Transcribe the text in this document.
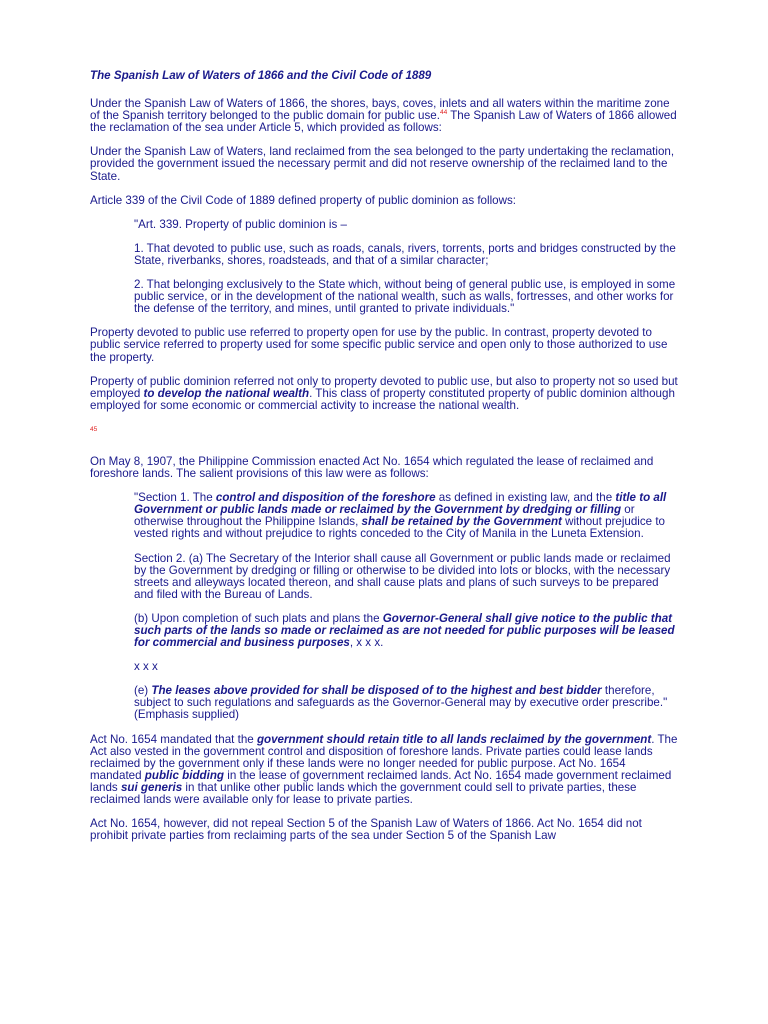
The Spanish Law of Waters of 1866 and the Civil Code of 1889

Under the Spanish Law of Waters of 1866, the shores, bays, coves, inlets and all waters within the maritime zone of the Spanish territory belonged to the public domain for public use.$^{44}$ The Spanish Law of Waters of 1866 allowed the reclamation of the sea under Article 5, which provided as follows:

Under the Spanish Law of Waters, land reclaimed from the sea belonged to the party undertaking the reclamation, provided the government issued the necessary permit and did not reserve ownership of the reclaimed land to the State.

Article 339 of the Civil Code of 1889 defined property of public dominion as follows:

"Art. 339. Property of public dominion is –

1. That devoted to public use, such as roads, canals, rivers, torrents, ports and bridges constructed by the State, riverbanks, shores, roadsteads, and that of a similar character;

2. That belonging exclusively to the State which, without being of general public use, is employed in some public service, or in the development of the national wealth, such as walls, fortresses, and other works for the defense of the territory, and mines, until granted to private individuals."

Property devoted to public use referred to property open for use by the public. In contrast, property devoted to public service referred to property used for some specific public service and open only to those authorized to use the property.

Property of public dominion referred not only to property devoted to public use, but also to property not so used but employed to develop the national wealth. This class of property constituted property of public dominion although employed for some economic or commercial activity to increase the national wealth.

45

On May 8, 1907, the Philippine Commission enacted Act No. 1654 which regulated the lease of reclaimed and foreshore lands. The salient provisions of this law were as follows:

"Section 1. The control and disposition of the foreshore as defined in existing law, and the title to all Government or public lands made or reclaimed by the Government by dredging or filling or otherwise throughout the Philippine Islands, shall be retained by the Government without prejudice to vested rights and without prejudice to rights conceded to the City of Manila in the Luneta Extension.

Section 2. (a) The Secretary of the Interior shall cause all Government or public lands made or reclaimed by the Government by dredging or filling or otherwise to be divided into lots or blocks, with the necessary streets and alleyways located thereon, and shall cause plats and plans of such surveys to be prepared and filed with the Bureau of Lands.

(b) Upon completion of such plats and plans the Governor-General shall give notice to the public that such parts of the lands so made or reclaimed as are not needed for public purposes will be leased for commercial and business purposes, x x x.

x x x

(e) The leases above provided for shall be disposed of to the highest and best bidder therefore, subject to such regulations and safeguards as the Governor-General may by executive order prescribe." (Emphasis supplied)

Act No. 1654 mandated that the government should retain title to all lands reclaimed by the government. The Act also vested in the government control and disposition of foreshore lands. Private parties could lease lands reclaimed by the government only if these lands were no longer needed for public purpose. Act No. 1654 mandated public bidding in the lease of government reclaimed lands. Act No. 1654 made government reclaimed lands sui generis in that unlike other public lands which the government could sell to private parties, these reclaimed lands were available only for lease to private parties.

Act No. 1654, however, did not repeal Section 5 of the Spanish Law of Waters of 1866. Act No. 1654 did not prohibit private parties from reclaiming parts of the sea under Section 5 of the Spanish Law
